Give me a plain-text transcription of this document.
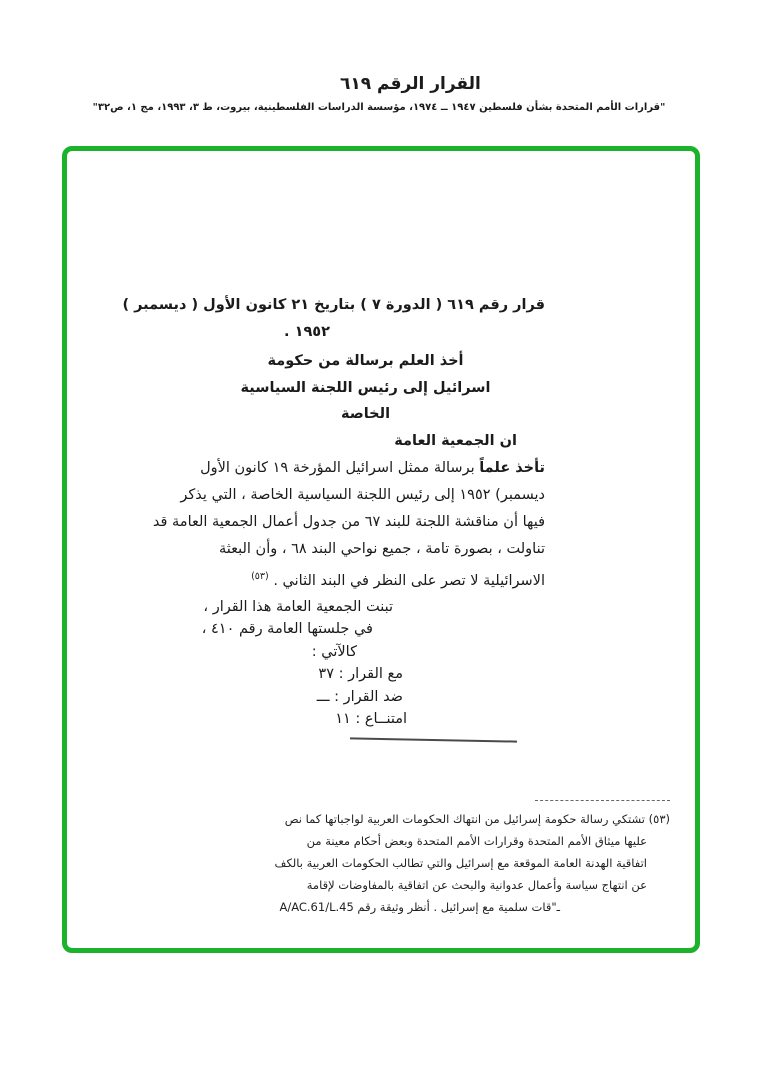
القرار الرقم ٦١٩
"قرارات الأمم المتحدة بشأن فلسطين ١٩٤٧ ــ ١٩٧٤، مؤسسة الدراسات الفلسطينية، بيروت، ط ٣، ١٩٩٣، مج ١، ص٣٢"
قرار رقم ٦١٩ ( الدورة ٧ ) بتاريخ ٢١ كانون الأول ( ديسمبر )
١٩٥٢ .
أخذ العلم برسالة من حكومة
اسرائيل إلى رئيس اللجنة السياسية
الخاصة
ان الجمعية العامة
تأخذ علماً برسالة ممثل اسرائيل المؤرخة ١٩ كانون الأول
ديسمبر) ١٩٥٢ إلى رئيس اللجنة السياسية الخاصة ، التي يذكر
فيها أن مناقشة اللجنة للبند ٦٧ من جدول أعمال الجمعية العامة قد
تناولت ، بصورة تامة ، جميع نواحي البند ٦٨ ، وأن البعثة
الاسرائيلية لا تصر على النظر في البند الثاني . $^{(٥٣)}$
تبنت الجمعية العامة هذا القرار ،
في جلستها العامة رقم ٤١٠ ،
كالآتي :
مع القرار :
٣٧
ضد القرار :
ـــ
امتنــاع :
١١
(٥٣) تشتكي رسالة حكومة إسرائيل من انتهاك الحكومات العربية لواجباتها كما نص
عليها ميثاق الأمم المتحدة وقرارات الأمم المتحدة وبعض أحكام معينة من
اتفاقية الهدنة العامة الموقعة مع إسرائيل والتي تطالب الحكومات العربية بالكف
عن انتهاج سياسة وأعمال عدوانية والبحث عن اتفاقية بالمفاوضات لإقامة
ـ"قات سلمية مع إسرائيل . أنظر وثيقة رقم A/AC.61/L.45
